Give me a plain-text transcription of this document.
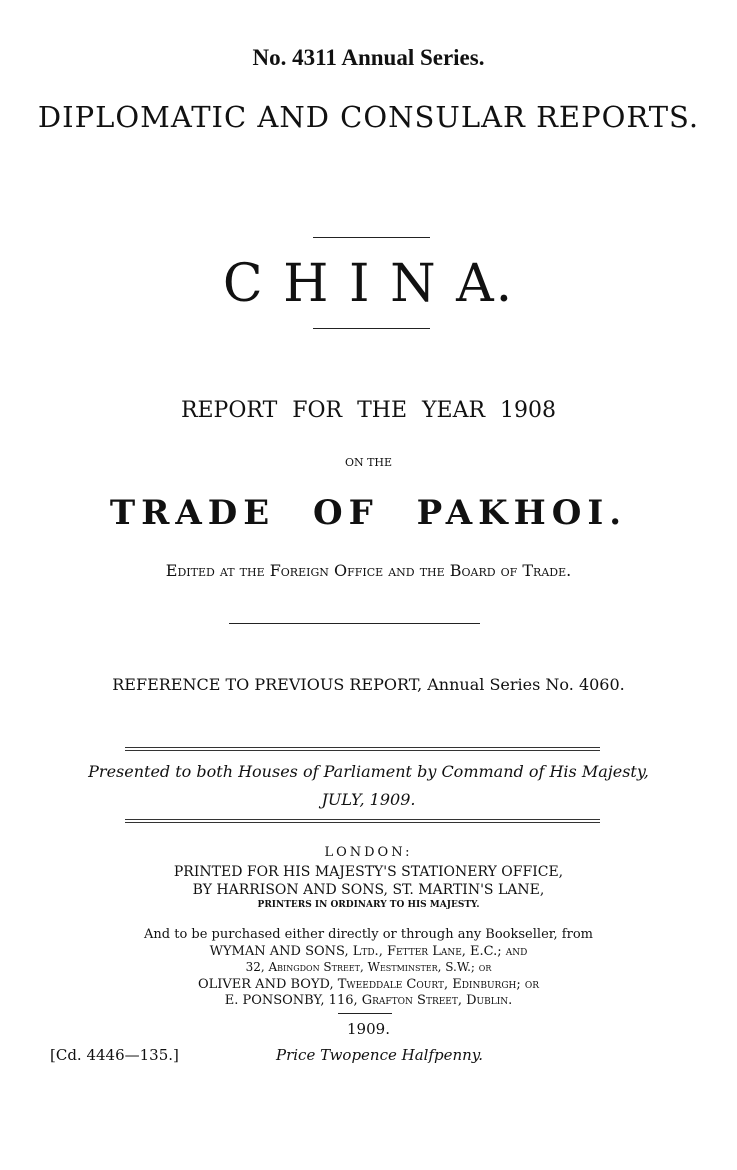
No. 4311 Annual Series.
DIPLOMATIC AND CONSULAR REPORTS.
C H I N A.
REPORT FOR THE YEAR 1908
ON THE
TRADE OF PAKHOI.
Edited at the Foreign Office and the Board of Trade.
REFERENCE TO PREVIOUS REPORT, Annual Series No. 4060.
Presented to both Houses of Parliament by Command of His Majesty,
JULY, 1909.
LONDON:
PRINTED FOR HIS MAJESTY'S STATIONERY OFFICE,
BY HARRISON AND SONS, ST. MARTIN'S LANE,
PRINTERS IN ORDINARY TO HIS MAJESTY.
And to be purchased either directly or through any Bookseller, from
WYMAN AND SONS, Ltd., Fetter Lane, E.C.; and
32, Abingdon Street, Westminster, S.W.; or
OLIVER AND BOYD, Tweeddale Court, Edinburgh; or
E. PONSONBY, 116, Grafton Street, Dublin.
1909.
[Cd. 4446—135.]	Price Twopence Halfpenny.
